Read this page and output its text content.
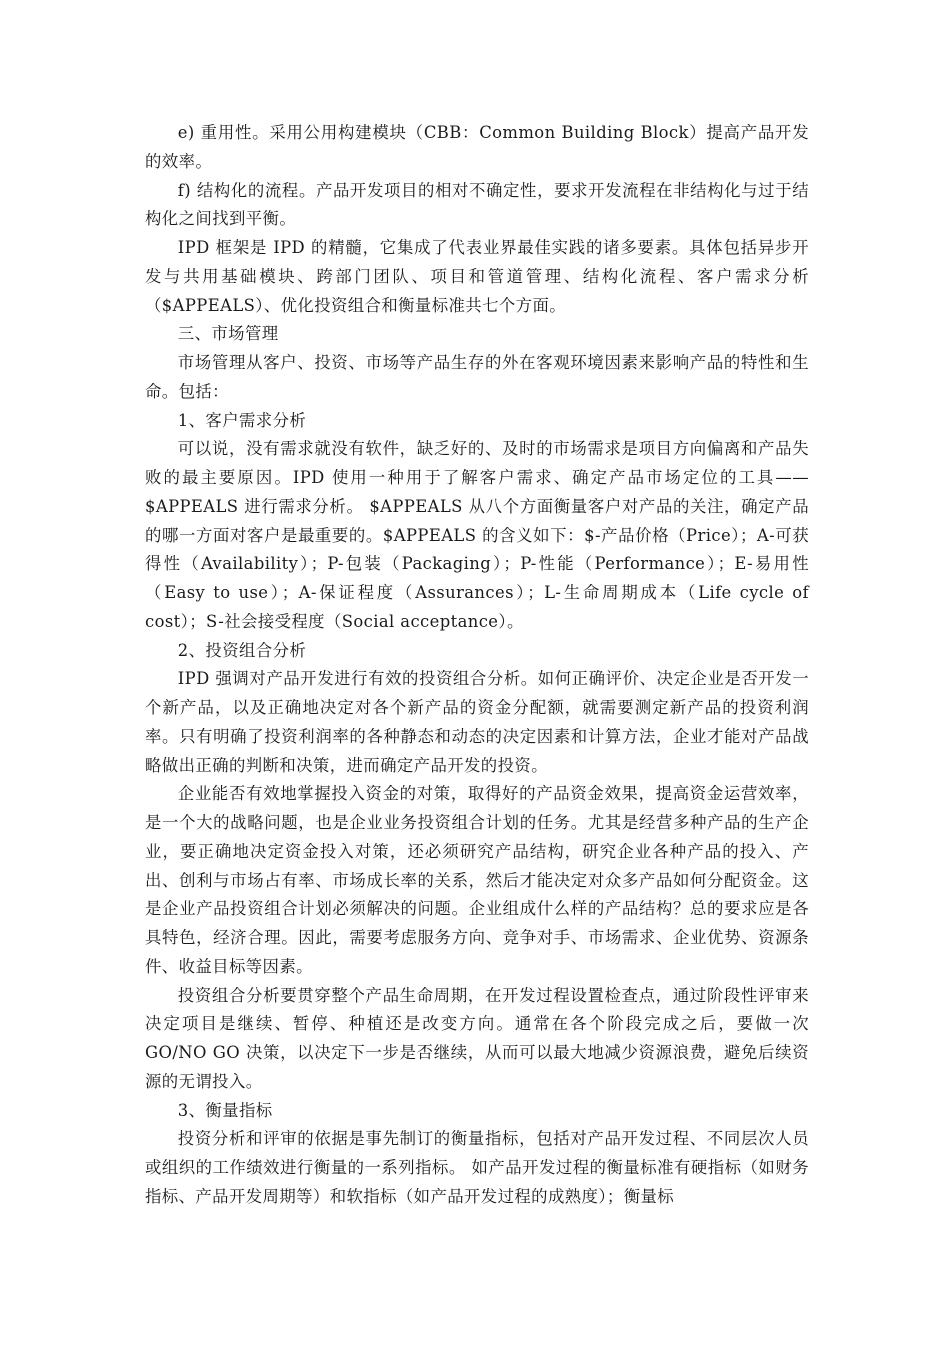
e) 重用性。采用公用构建模块（CBB：Common Building Block）提高产品开发的效率。

f) 结构化的流程。产品开发项目的相对不确定性，要求开发流程在非结构化与过于结构化之间找到平衡。

IPD 框架是 IPD 的精髓，它集成了代表业界最佳实践的诸多要素。具体包括异步开发与共用基础模块、跨部门团队、项目和管道管理、结构化流程、客户需求分析（$APPEALS）、优化投资组合和衡量标准共七个方面。

三、市场管理

市场管理从客户、投资、市场等产品生存的外在客观环境因素来影响产品的特性和生命。包括：

1、客户需求分析

可以说，没有需求就没有软件，缺乏好的、及时的市场需求是项目方向偏离和产品失败的最主要原因。IPD 使用一种用于了解客户需求、确定产品市场定位的工具——$APPEALS 进行需求分析。 $APPEALS 从八个方面衡量客户对产品的关注，确定产品的哪一方面对客户是最重要的。$APPEALS 的含义如下：$-产品价格（Price）；A-可获得性（Availability）；P-包装（Packaging）；P-性能（Performance）；E-易用性（Easy to use）；A-保证程度（Assurances）；L-生命周期成本（Life cycle of cost）；S-社会接受程度（Social acceptance）。

2、投资组合分析

IPD 强调对产品开发进行有效的投资组合分析。如何正确评价、决定企业是否开发一个新产品，以及正确地决定对各个新产品的资金分配额，就需要测定新产品的投资利润率。只有明确了投资利润率的各种静态和动态的决定因素和计算方法，企业才能对产品战略做出正确的判断和决策，进而确定产品开发的投资。

企业能否有效地掌握投入资金的对策，取得好的产品资金效果，提高资金运营效率，是一个大的战略问题，也是企业业务投资组合计划的任务。尤其是经营多种产品的生产企业，要正确地决定资金投入对策，还必须研究产品结构，研究企业各种产品的投入、产出、创利与市场占有率、市场成长率的关系，然后才能决定对众多产品如何分配资金。这是企业产品投资组合计划必须解决的问题。企业组成什么样的产品结构？总的要求应是各具特色，经济合理。因此，需要考虑服务方向、竞争对手、市场需求、企业优势、资源条件、收益目标等因素。

投资组合分析要贯穿整个产品生命周期，在开发过程设置检查点，通过阶段性评审来决定项目是继续、暂停、种植还是改变方向。通常在各个阶段完成之后，要做一次 GO/NO GO 决策，以决定下一步是否继续，从而可以最大地减少资源浪费，避免后续资源的无谓投入。

3、衡量指标

投资分析和评审的依据是事先制订的衡量指标，包括对产品开发过程、不同层次人员或组织的工作绩效进行衡量的一系列指标。 如产品开发过程的衡量标准有硬指标（如财务指标、产品开发周期等）和软指标（如产品开发过程的成熟度）；衡量标
